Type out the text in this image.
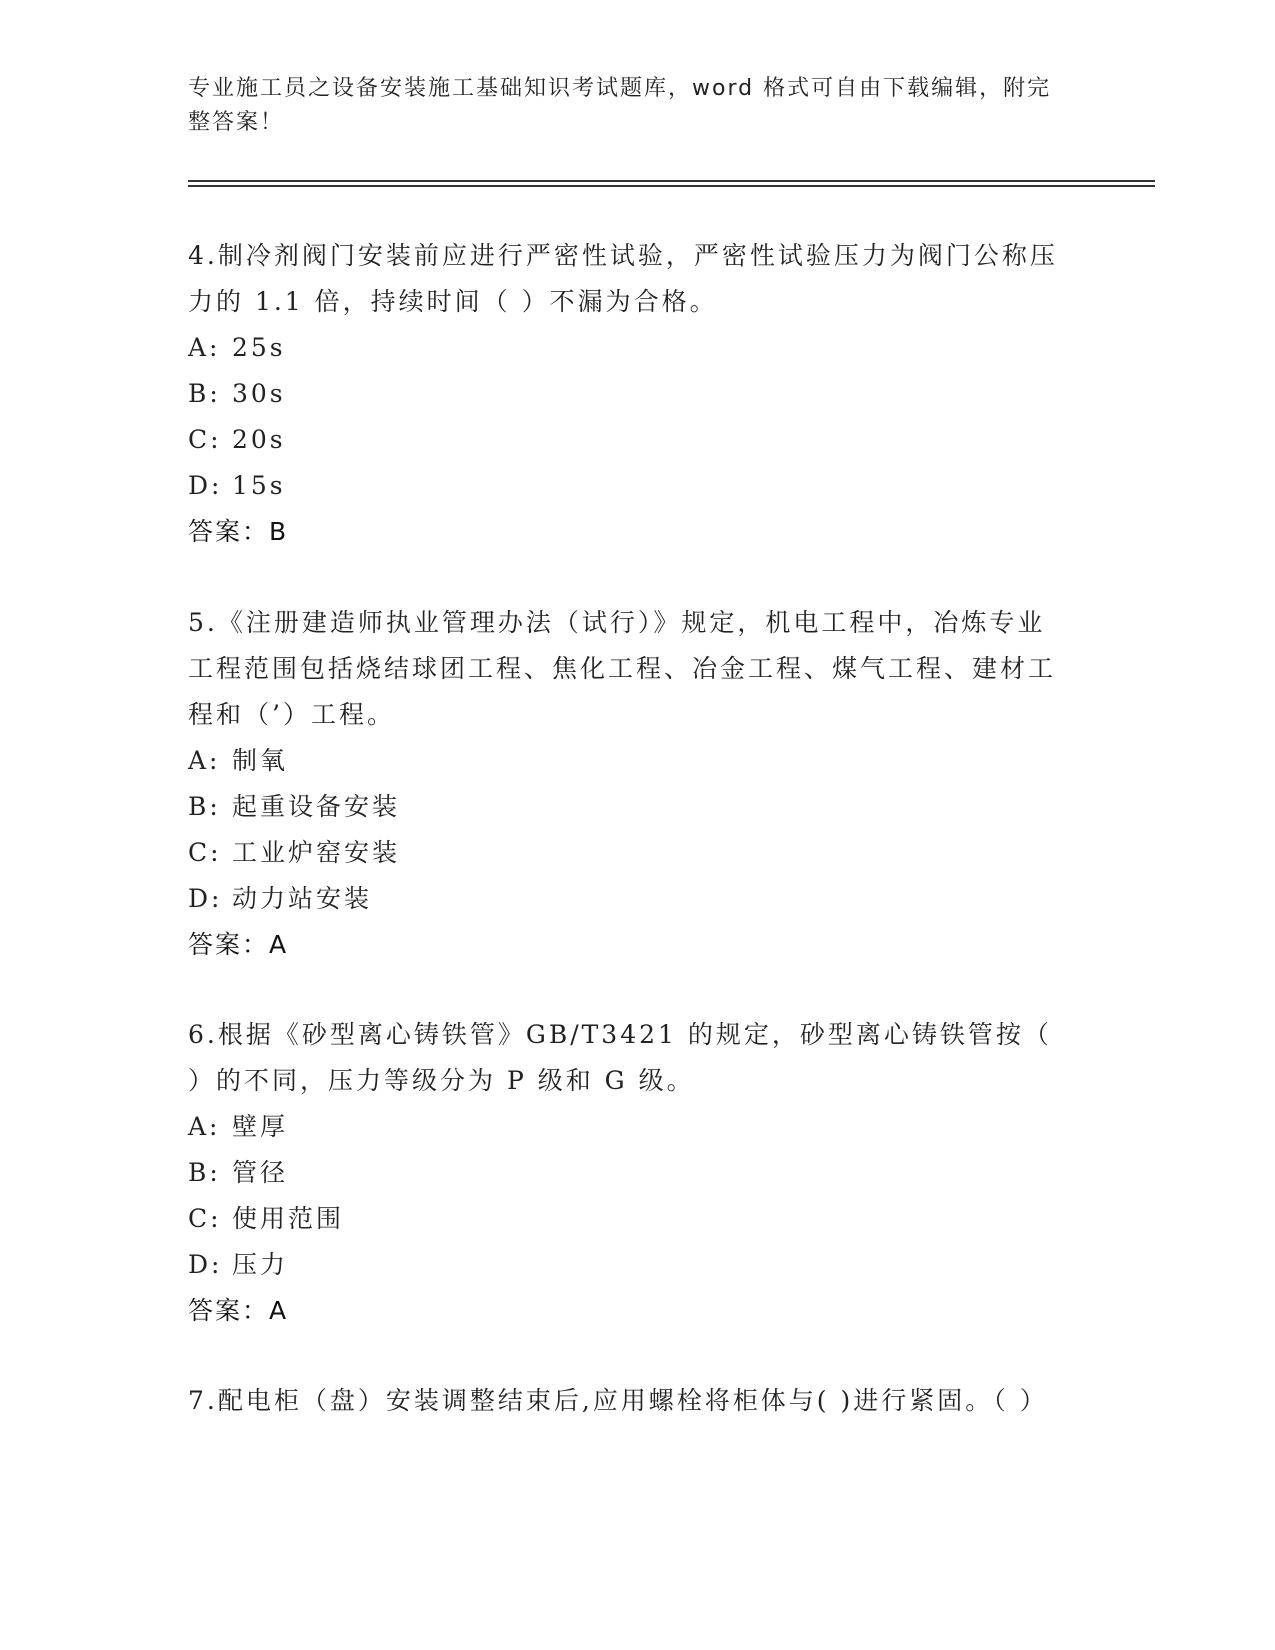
专业施工员之设备安装施工基础知识考试题库，word 格式可自由下载编辑，附完整答案！

4.制冷剂阀门安装前应进行严密性试验，严密性试验压力为阀门公称压力的 1.1 倍，持续时间（ ）不漏为合格。

A: 25s

B: 30s

C: 20s

D: 15s

答案：B

5.《注册建造师执业管理办法（试行）》规定，机电工程中，冶炼专业工程范围包括烧结球团工程、焦化工程、冶金工程、煤气工程、建材工程和（’）工程。

A: 制氧

B: 起重设备安装

C: 工业炉窑安装

D: 动力站安装

答案：A

6.根据《砂型离心铸铁管》GB/T3421 的规定，砂型离心铸铁管按（ ）的不同，压力等级分为 P 级和 G 级。

A: 壁厚

B: 管径

C: 使用范围

D: 压力

答案：A

7.配电柜（盘）安装调整结束后,应用螺栓将柜体与( )进行紧固。（ ）
